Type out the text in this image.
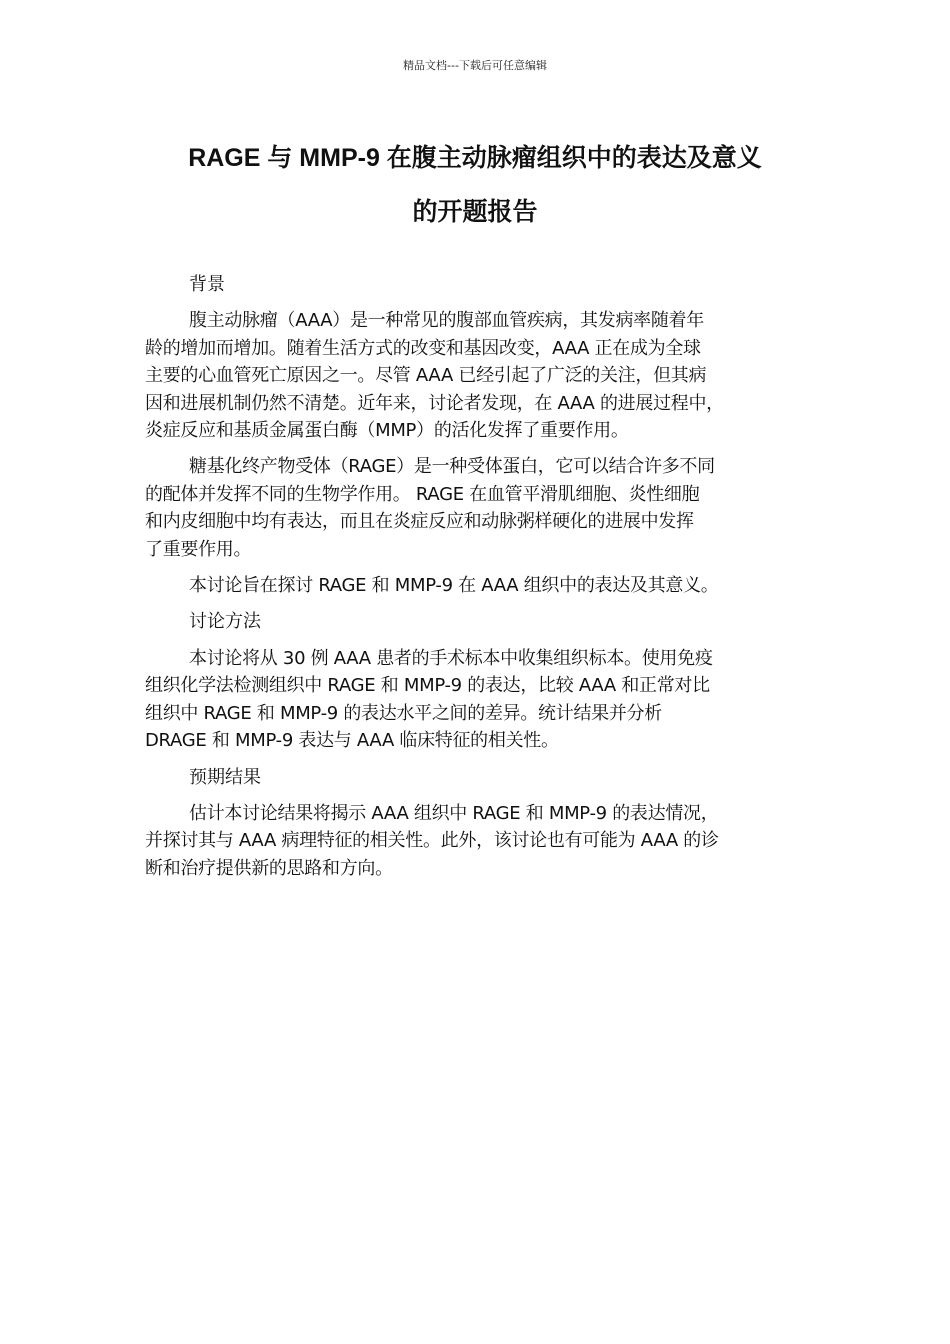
精品文档---下载后可任意编辑
RAGE 与 MMP-9 在腹主动脉瘤组织中的表达及意义
的开题报告

背景

腹主动脉瘤（AAA）是一种常见的腹部血管疾病，其发病率随着年
龄的增加而增加。随着生活方式的改变和基因改变，AAA 正在成为全球
主要的心血管死亡原因之一。尽管 AAA 已经引起了广泛的关注，但其病
因和进展机制仍然不清楚。近年来，讨论者发现，在 AAA 的进展过程中，
炎症反应和基质金属蛋白酶（MMP）的活化发挥了重要作用。

糖基化终产物受体（RAGE）是一种受体蛋白，它可以结合许多不同
的配体并发挥不同的生物学作用。 RAGE 在血管平滑肌细胞、炎性细胞
和内皮细胞中均有表达，而且在炎症反应和动脉粥样硬化的进展中发挥
了重要作用。

本讨论旨在探讨 RAGE 和 MMP-9 在 AAA 组织中的表达及其意义。

讨论方法

本讨论将从 30 例 AAA 患者的手术标本中收集组织标本。使用免疫
组织化学法检测组织中 RAGE 和 MMP-9 的表达，比较 AAA 和正常对比
组织中 RAGE 和 MMP-9 的表达水平之间的差异。统计结果并分析
DRAGE 和 MMP-9 表达与 AAA 临床特征的相关性。

预期结果

估计本讨论结果将揭示 AAA 组织中 RAGE 和 MMP-9 的表达情况，
并探讨其与 AAA 病理特征的相关性。此外，该讨论也有可能为 AAA 的诊
断和治疗提供新的思路和方向。
